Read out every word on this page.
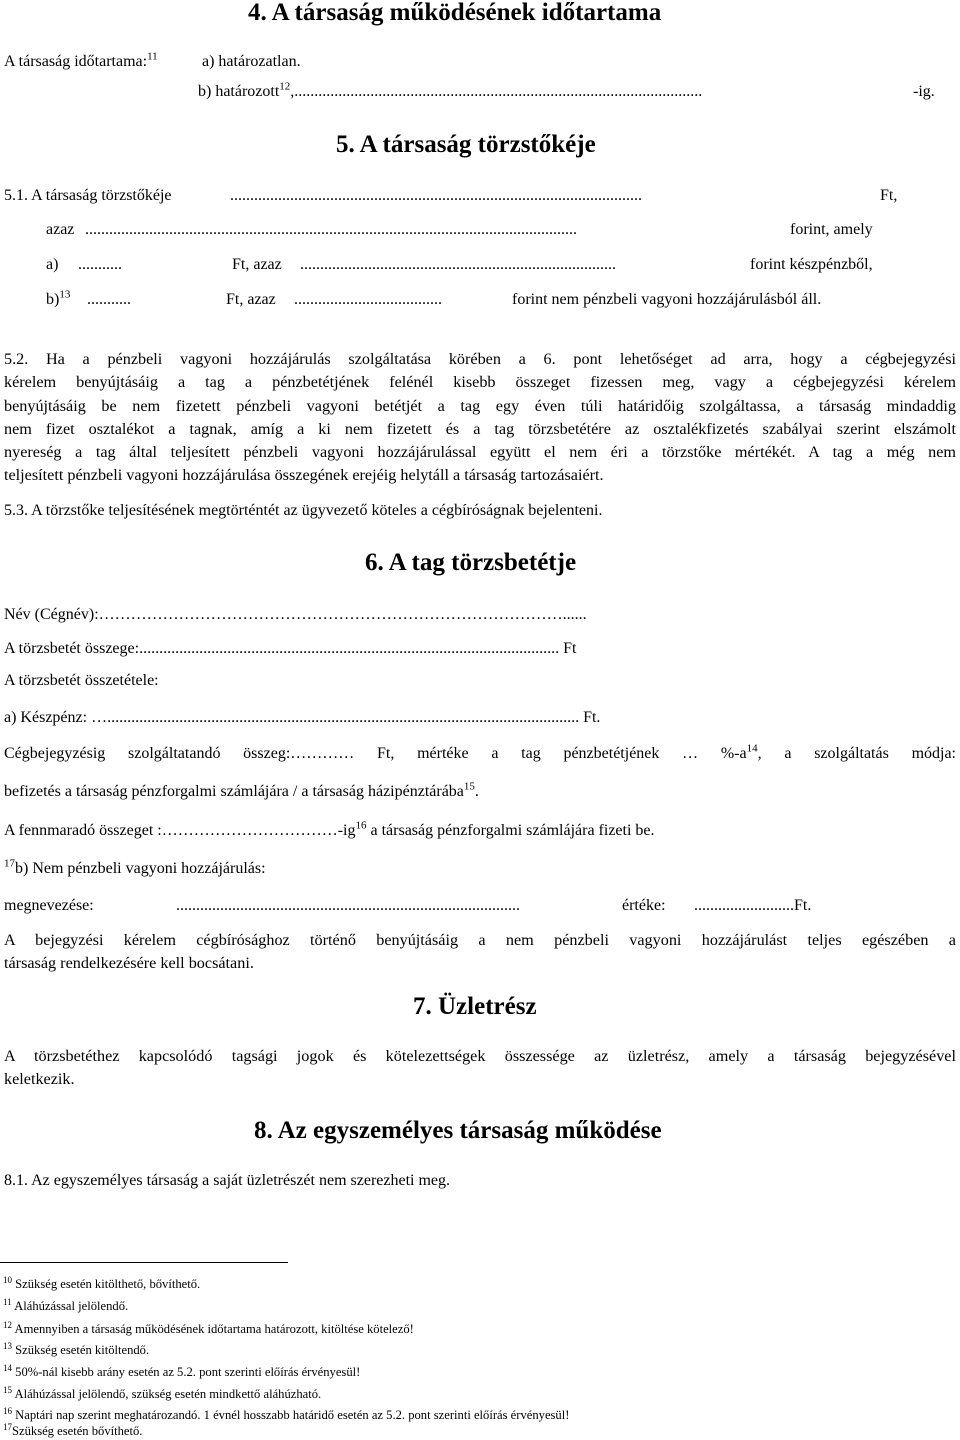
4. A társaság működésének időtartama
A társaság időtartama:$^{11}$	a) határozatlan.
b) határozott$^{12}$,......................................................................................................	-ig.
5. A társaság törzstőkéje
5.1. A társaság törzstőkéje	.......................................................................................................	Ft,
azaz ...........................................................................................................................	forint, amely
a) ...........	Ft, azaz ...............................................................................	forint készpénzből,
b)$^{13}$ ...........	Ft, azaz .....................................	forint nem pénzbeli vagyoni hozzájárulásból áll.
5.2. Ha a pénzbeli vagyoni hozzájárulás szolgáltatása körében a 6. pont lehetőséget ad arra, hogy a cégbejegyzési
kérelem benyújtásáig a tag a pénzbetétjének felénél kisebb összeget fizessen meg, vagy a cégbejegyzési kérelem
benyújtásáig be nem fizetett pénzbeli vagyoni betétjét a tag egy éven túli határidőig szolgáltassa, a társaság mindaddig
nem fizet osztalékot a tagnak, amíg a ki nem fizetett és a tag törzsbetétére az osztalékfizetés szabályai szerint elszámolt
nyereség a tag által teljesített pénzbeli vagyoni hozzájárulással együtt el nem éri a törzstőke mértékét. A tag a még nem
teljesített pénzbeli vagyoni hozzájárulása összegének erejéig helytáll a társaság tartozásaiért.
5.3. A törzstőke teljesítésének megtörténtét az ügyvezető köteles a cégbíróságnak bejelenteni.
6. A tag törzsbetétje
Név (Cégnév):……………………………………………………………………………......
A törzsbetét összege:......................................................................................................... Ft
A törzsbetét összetétele:
a) Készpénz: …...................................................................................................................... Ft.
Cégbejegyzésig szolgáltatandó összeg:………… Ft, mértéke a tag pénzbetétjének … $\%-a^{14}$, a szolgáltatás módja:
befizetés a társaság pénzforgalmi számlájára / a társaság házipénztárába$^{15}$.
A fennmaradó összeget $:\dots\dots\dots\dots\dots\dots\dots\dots\dots\dots\dots-ig^{16}$ a társaság pénzforgalmi számlájára fizeti be.
$^{17}$b) Nem pénzbeli vagyoni hozzájárulás:
megnevezése:	......................................................................................	értéke: .........................Ft.
A bejegyzési kérelem cégbírósághoz történő benyújtásáig a nem pénzbeli vagyoni hozzájárulást teljes egészében a
társaság rendelkezésére kell bocsátani.
7. Üzletrész
A törzsbetéthez kapcsolódó tagsági jogok és kötelezettségek összessége az üzletrész, amely a társaság bejegyzésével
keletkezik.
8. Az egyszemélyes társaság működése
8.1. Az egyszemélyes társaság a saját üzletrészét nem szerezheti meg.
$^{10}$ Szükség esetén kitölthető, bővíthető.
$^{11}$ Aláhúzással jelölendő.
$^{12}$ Amennyiben a társaság működésének időtartama határozott, kitöltése kötelező!
$^{13}$ Szükség esetén kitöltendő.
$^{14}$ 50%-nál kisebb arány esetén az 5.2. pont szerinti előírás érvényesül!
$^{15}$ Aláhúzással jelölendő, szükség esetén mindkettő aláhúzható.
$^{16}$ Naptári nap szerint meghatározandó. 1 évnél hosszabb határidő esetén az 5.2. pont szerinti előírás érvényesül!
$^{17}$Szükség esetén bővíthető.
